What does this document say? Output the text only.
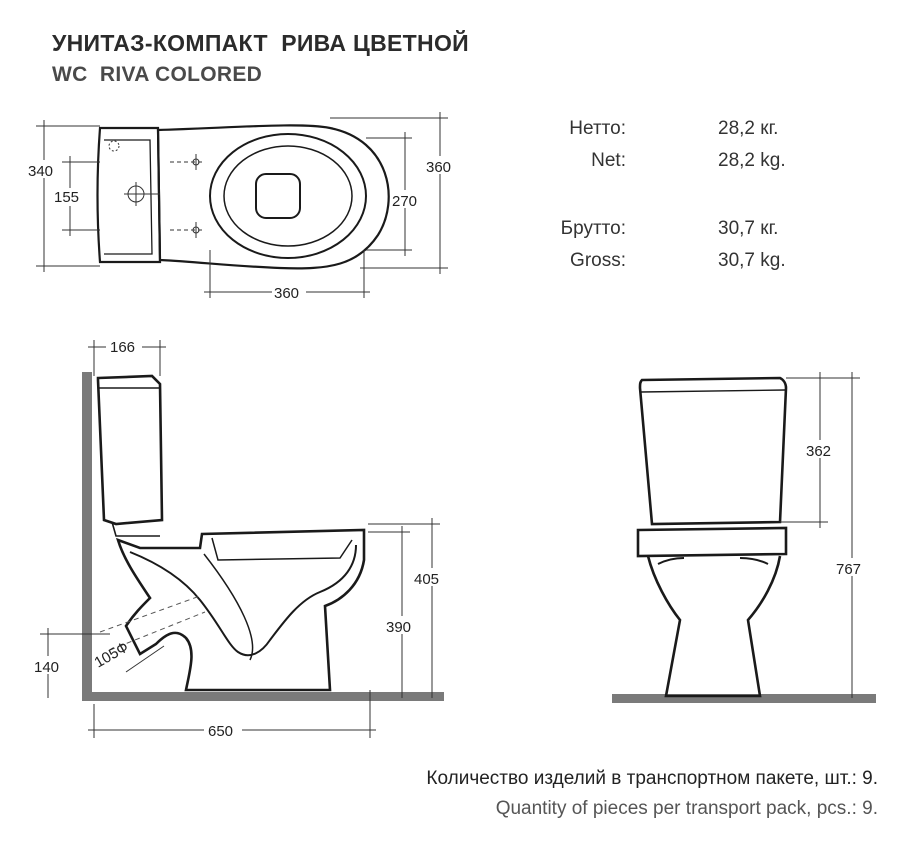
УНИТАЗ-КОМПАКТ  РИВА ЦВЕТНОЙ
WC  RIVA COLORED
Нетто:	28,2 кг.
Net:	28,2 kg.
Брутто:	30,7 кг.
Gross:	30,7 kg.
340
155
360
270
360
166
650
405
390
140 105Ф
362
767
Количество изделий в транспортном пакете, шт.: 9.
Quantity of pieces per transport pack, pcs.: 9.
